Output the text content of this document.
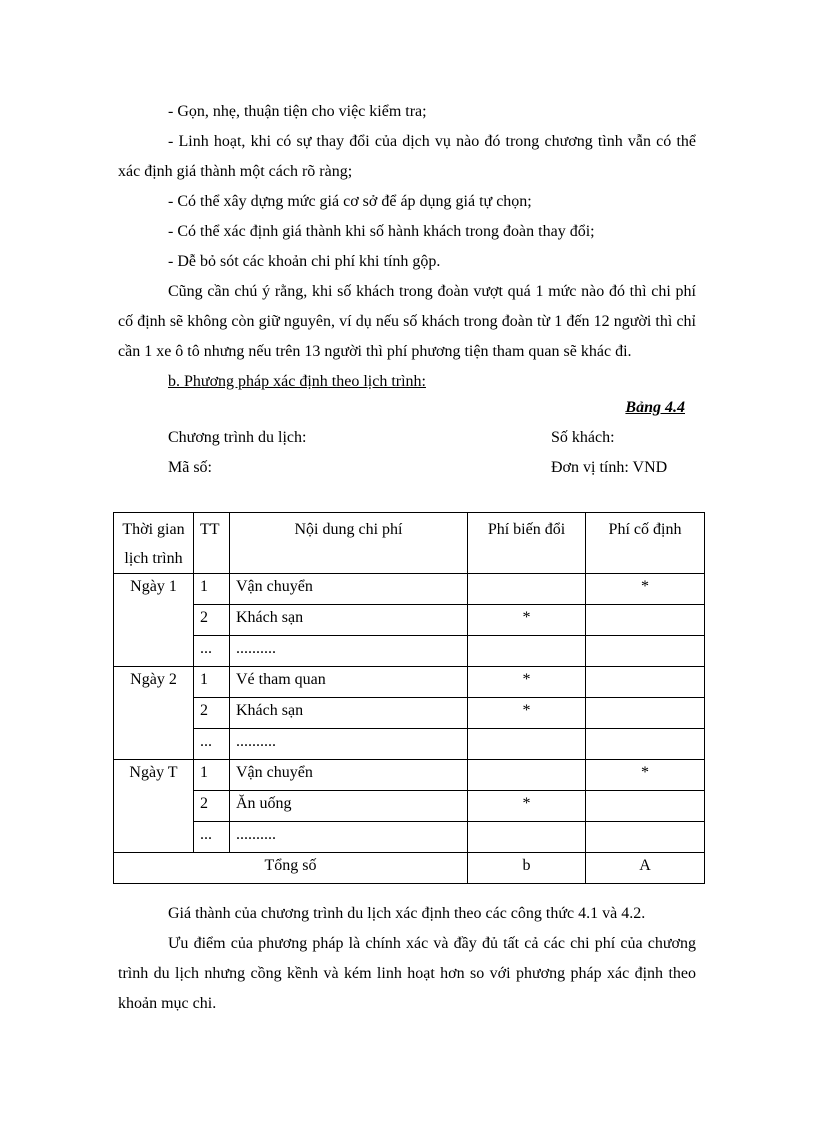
- Gọn, nhẹ, thuận tiện cho việc kiểm tra;
- Linh hoạt, khi có sự thay đổi của dịch vụ nào đó trong chương tình vẫn có thể
xác định giá thành một cách rõ ràng;
- Có thể xây dựng mức giá cơ sở để áp dụng giá tự chọn;
- Có thể xác định giá thành khi số hành khách trong đoàn thay đổi;
- Dễ bỏ sót các khoản chi phí khi tính gộp.
Cũng cần chú ý rằng, khi số khách trong đoàn vượt quá 1 mức nào đó thì chi phí
cố định sẽ không còn giữ nguyên, ví dụ nếu số khách trong đoàn từ 1 đến 12 người thì chỉ
cần 1 xe ô tô nhưng nếu trên 13 người thì phí phương tiện tham quan sẽ khác đi.
b. Phương pháp xác định theo lịch trình:
Bảng 4.4
Chương trình du lịch:	Số khách:
Mã số:	Đơn vị tính: VND
Thời gian
lịch trình	TT	Nội dung chi phí	Phí biến đổi	Phí cố định
Ngày 1	1	Vận chuyển		*
	2	Khách sạn	*	
	...	..........		
Ngày 2	1	Vé tham quan	*	
	2	Khách sạn	*	
	...	..........		
Ngày T	1	Vận chuyển		*
	2	Ăn uống	*	
	...	..........		
Tổng số			b	A
Giá thành của chương trình du lịch xác định theo các công thức 4.1 và 4.2.
Ưu điểm của phương pháp là chính xác và đầy đủ tất cả các chi phí của chương
trình du lịch nhưng cồng kềnh và kém linh hoạt hơn so với phương pháp xác định theo
khoản mục chi.
